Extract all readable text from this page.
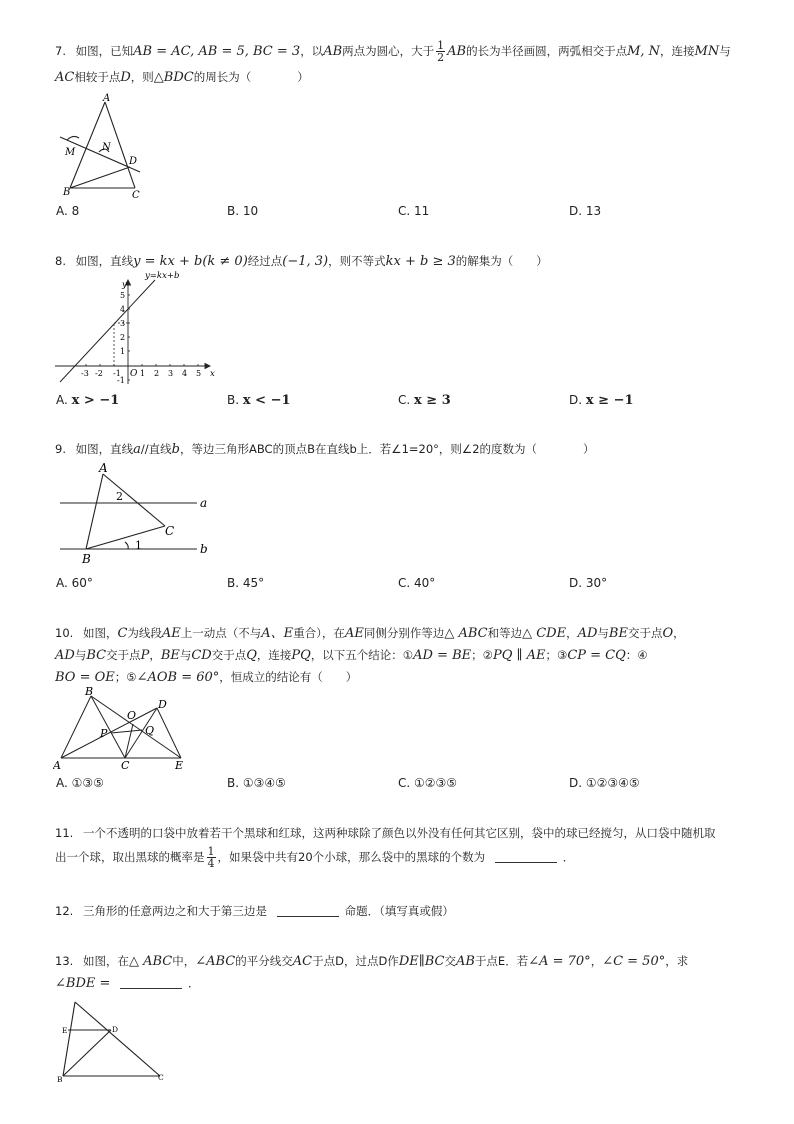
7. 如图，已知AB = AC, AB = 5, BC = 3，以AB两点为圆心，大于 $\frac{1}{2}$ AB的长为半径画圆，两弧相交于点M, N，连接MN与
AC相较于点D，则△BDC的周长为（　　　　）
A
B	C
D
M	N
A. 8	B. 10	C. 11	D. 13
8. 如图，直线y = kx + b(k ≠ 0)经过点(−1, 3)，则不等式kx + b ≥ 3的解集为（　　）
y=kx+b
y
x
O
-3 -2 -1 1 2 3 4 5
5
4
3
2
1
-1
A. x > −1	B. x < −1	C. x ≥ 3	D. x ≥ −1
9. 如图，直线a//直线b，等边三角形ABC的顶点B在直线b上．若∠1=20°，则∠2的度数为（　　　　）
A
B
C
a
b
1
2
A. 60°	B. 45°	C. 40°	D. 30°
10. 如图，C为线段AE上一动点（不与A、E重合），在AE同侧分别作等边△ ABC和等边△ CDE，AD与BE交于点O，
AD与BC交于点P，BE与CD交于点Q，连接PQ，以下五个结论：①AD = BE；②PQ ∥ AE；③CP = CQ：④
BO = OE；⑤∠AOB = 60°，恒成立的结论有（　　）
B
A	C
D
E
O
P	Q
A. ①③⑤	B. ①③④⑤	C. ①②③⑤	D. ①②③④⑤
11. 一个不透明的口袋中放着若干个黑球和红球，这两种球除了颜色以外没有任何其它区别，袋中的球已经搅匀，从口袋中随机取
出一个球，取出黑球的概率是 $\frac{1}{4}$ ，如果袋中共有20个小球，那么袋中的黑球的个数为	．
12. 三角形的任意两边之和大于第三边是	命题．（填写真或假）
13. 如图，在△ ABC中，∠ABC的平分线交AC于点D，过点D作DE∥BC交AB于点E．若∠A = 70°，∠C = 50°，求
∠BDE =	．
E	D
B	C
